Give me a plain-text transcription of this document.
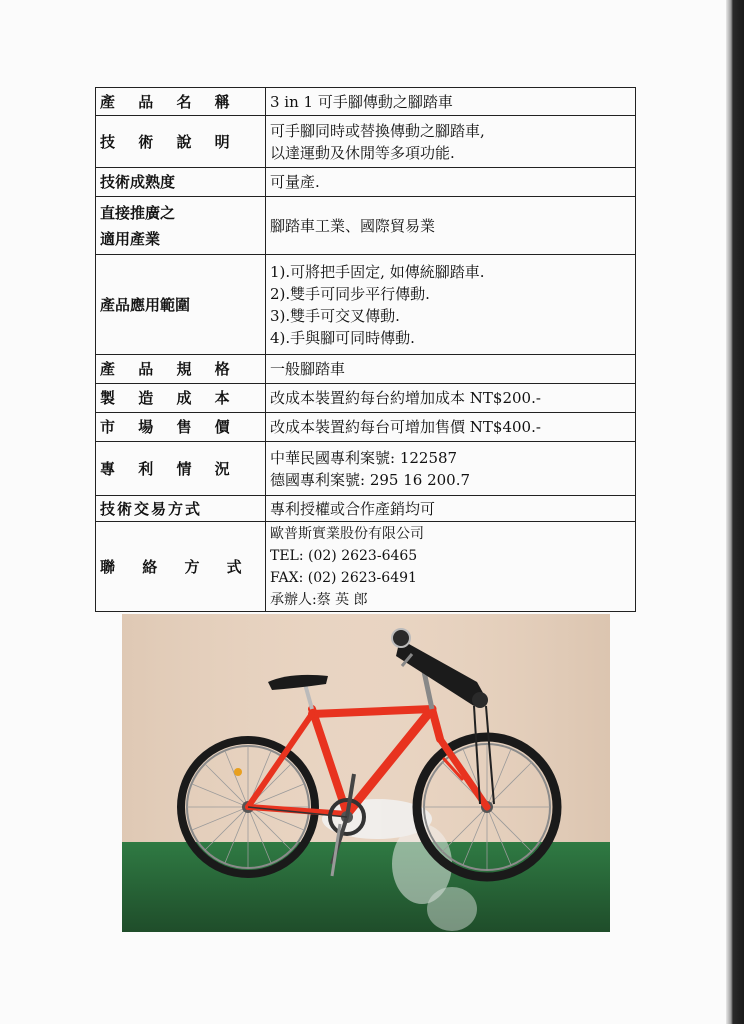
產 品 名 稱	3 in 1 可手腳傳動之腳踏車

技 術 說 明	可手腳同時或替換傳動之腳踏車,
以達運動及休閒等多項功能.

技術成熟度	可量產.

直接推廣之
適用產業	腳踏車工業、國際貿易業

產品應用範圍	1).可將把手固定, 如傳統腳踏車.
2).雙手可同步平行傳動.
3).雙手可交叉傳動.
4).手與腳可同時傳動.

產 品 規 格	一般腳踏車

製 造 成 本	改成本裝置約每台約增加成本 NT$200.-

市 場 售 價	改成本裝置約每台可增加售價 NT$400.-

專 利 情 況	中華民國專利案號: 122587
德國專利案號: 295 16 200.7

技術交易方式	專利授權或合作產銷均可

聯 絡 方 式	歐普斯實業股份有限公司
TEL: (02) 2623-6465
FAX: (02) 2623-6491
承辦人:蔡 英 郎
